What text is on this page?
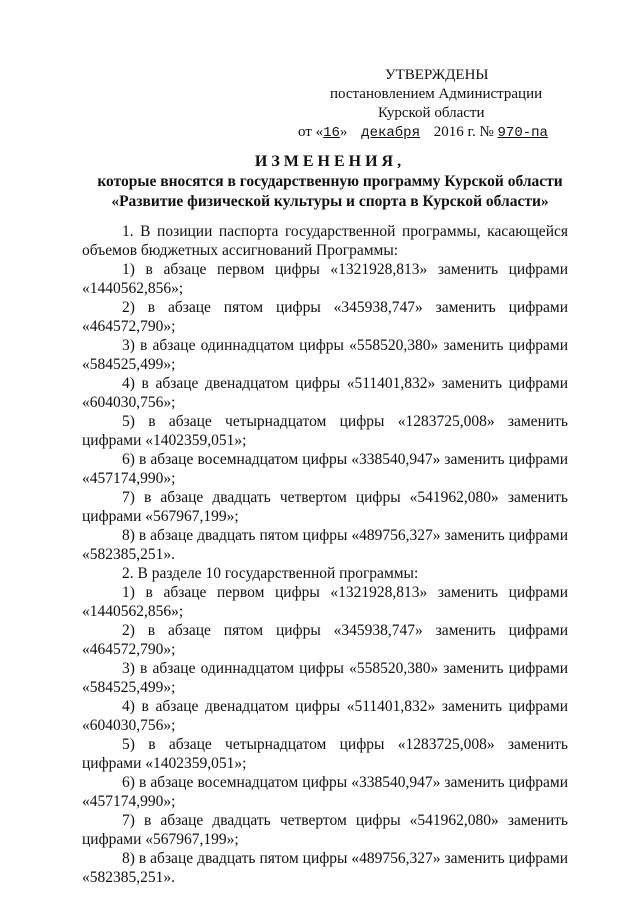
УТВЕРЖДЕНЫ
постановлением Администрации
Курской области
от «16» декабря 2016 г. № 970-па
ИЗМЕНЕНИЯ,
которые вносятся в государственную программу Курской области
«Развитие физической культуры и спорта в Курской области»

1. В позиции паспорта государственной программы, касающейся объемов бюджетных ассигнований Программы:

1) в абзаце первом цифры «1321928,813» заменить цифрами «1440562,856»;

2) в абзаце пятом цифры «345938,747» заменить цифрами «464572,790»;

3) в абзаце одиннадцатом цифры «558520,380» заменить цифрами «584525,499»;

4) в абзаце двенадцатом цифры «511401,832» заменить цифрами «604030,756»;

5) в абзаце четырнадцатом цифры «1283725,008» заменить цифрами «1402359,051»;

6) в абзаце восемнадцатом цифры «338540,947» заменить цифрами «457174,990»;

7) в абзаце двадцать четвертом цифры «541962,080» заменить цифрами «567967,199»;

8) в абзаце двадцать пятом цифры «489756,327» заменить цифрами «582385,251».

2. В разделе 10 государственной программы:

1) в абзаце первом цифры «1321928,813» заменить цифрами «1440562,856»;

2) в абзаце пятом цифры «345938,747» заменить цифрами «464572,790»;

3) в абзаце одиннадцатом цифры «558520,380» заменить цифрами «584525,499»;

4) в абзаце двенадцатом цифры «511401,832» заменить цифрами «604030,756»;

5) в абзаце четырнадцатом цифры «1283725,008» заменить цифрами «1402359,051»;

6) в абзаце восемнадцатом цифры «338540,947» заменить цифрами «457174,990»;

7) в абзаце двадцать четвертом цифры «541962,080» заменить цифрами «567967,199»;

8) в абзаце двадцать пятом цифры «489756,327» заменить цифрами «582385,251».
